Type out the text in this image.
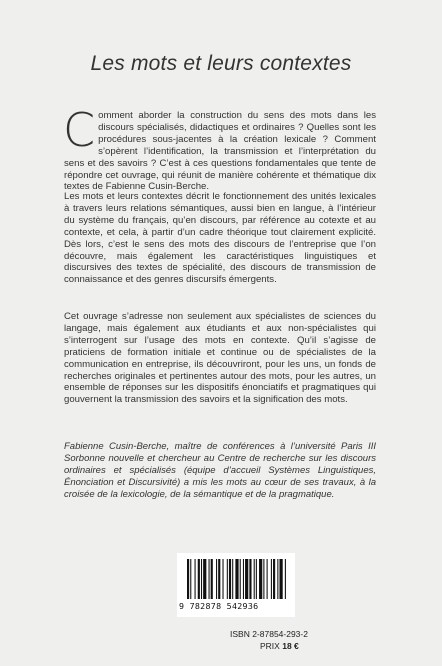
Les mots et leurs contextes

Comment aborder la construction du sens des mots dans les discours spécialisés, didactiques et ordinaires ? Quelles sont les procédures sous-jacentes à la création lexicale ? Comment s’opèrent l’identification, la transmission et l’interprétation du sens et des savoirs ? C’est à ces questions fondamentales que tente de répondre cet ouvrage, qui réunit de manière cohérente et thématique dix textes de Fabienne Cusin-Berche.

Les mots et leurs contextes décrit le fonctionnement des unités lexicales à travers leurs relations sémantiques, aussi bien en langue, à l’intérieur du système du français, qu’en discours, par référence au cotexte et au contexte, et cela, à partir d’un cadre théorique tout clairement explicité. Dès lors, c’est le sens des mots des discours de l’entreprise que l’on découvre, mais également les caractéristiques linguistiques et discursives des textes de spécialité, des discours de transmission de connaissance et des genres discursifs émergents.

Cet ouvrage s’adresse non seulement aux spécialistes de sciences du langage, mais également aux étudiants et aux non-spécialistes qui s’interrogent sur l’usage des mots en contexte. Qu’il s’agisse de praticiens de formation initiale et continue ou de spécialistes de la communication en entreprise, ils découvriront, pour les uns, un fonds de recherches originales et pertinentes autour des mots, pour les autres, un ensemble de réponses sur les dispositifs énonciatifs et pragmatiques qui gouvernent la transmission des savoirs et la signification des mots.

Fabienne Cusin-Berche, maître de conférences à l’université Paris III Sorbonne nouvelle et chercheur au Centre de recherche sur les discours ordinaires et spécialisés (équipe d’accueil Systèmes Linguistiques, Énonciation et Discursivité) a mis les mots au cœur de ses travaux, à la croisée de la lexicologie, de la sémantique et de la pragmatique.
9 782878 542936
ISBN 2-87854-293-2
PRIX 18 €
